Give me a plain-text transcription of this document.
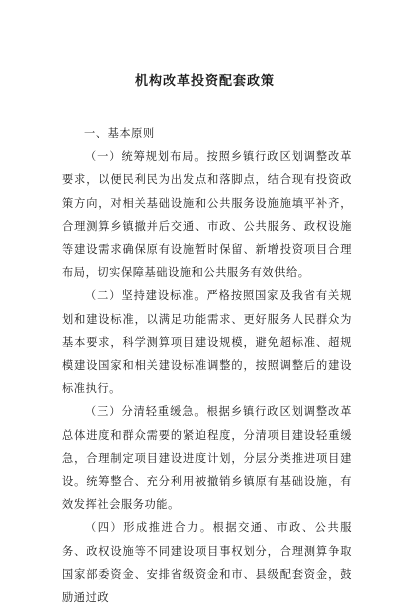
机构改革投资配套政策

一、基本原则

（一）统筹规划布局。按照乡镇行政区划调整改革要求，以便民利民为出发点和落脚点，结合现有投资政策方向，对相关基础设施和公共服务设施施填平补齐，合理测算乡镇撤并后交通、市政、公共服务、政权设施等建设需求确保原有设施暂时保留、新增投资项目合理布局，切实保障基础设施和公共服务有效供给。

（二）坚持建设标准。严格按照国家及我省有关规划和建设标准，以满足功能需求、更好服务人民群众为基本要求，科学测算项目建设规模，避免超标准、超规模建设国家和相关建设标准调整的，按照调整后的建设标准执行。

（三）分清轻重缓急。根据乡镇行政区划调整改革总体进度和群众需要的紧迫程度，分清项目建设轻重缓急，合理制定项目建设进度计划，分层分类推进项目建设。统筹整合、充分利用被撤销乡镇原有基础设施，有效发挥社会服务功能。

（四）形成推进合力。根据交通、市政、公共服务、政权设施等不同建设项目事权划分，合理测算争取国家部委资金、安排省级资金和市、县级配套资金，鼓励通过政
